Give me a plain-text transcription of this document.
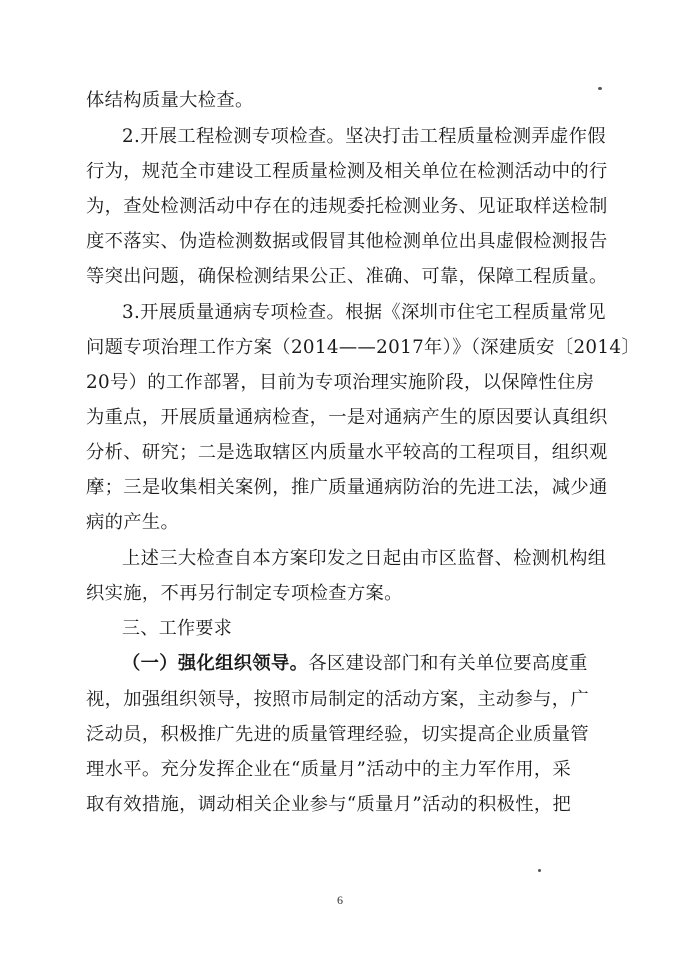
体结构质量大检查。
2.开展工程检测专项检查。坚决打击工程质量检测弄虚作假
行为，规范全市建设工程质量检测及相关单位在检测活动中的行
为，查处检测活动中存在的违规委托检测业务、见证取样送检制
度不落实、伪造检测数据或假冒其他检测单位出具虚假检测报告
等突出问题，确保检测结果公正、准确、可靠，保障工程质量。
3.开展质量通病专项检查。根据《深圳市住宅工程质量常见
问题专项治理工作方案（2014——2017年）》（深建质安〔2014〕
20号）的工作部署，目前为专项治理实施阶段，以保障性住房
为重点，开展质量通病检查，一是对通病产生的原因要认真组织
分析、研究；二是选取辖区内质量水平较高的工程项目，组织观
摩；三是收集相关案例，推广质量通病防治的先进工法，减少通
病的产生。
上述三大检查自本方案印发之日起由市区监督、检测机构组
织实施，不再另行制定专项检查方案。
三、工作要求
（一）强化组织领导。各区建设部门和有关单位要高度重
视，加强组织领导，按照市局制定的活动方案，主动参与，广
泛动员，积极推广先进的质量管理经验，切实提高企业质量管
理水平。充分发挥企业在“质量月”活动中的主力军作用，采
取有效措施，调动相关企业参与“质量月”活动的积极性，把
6
